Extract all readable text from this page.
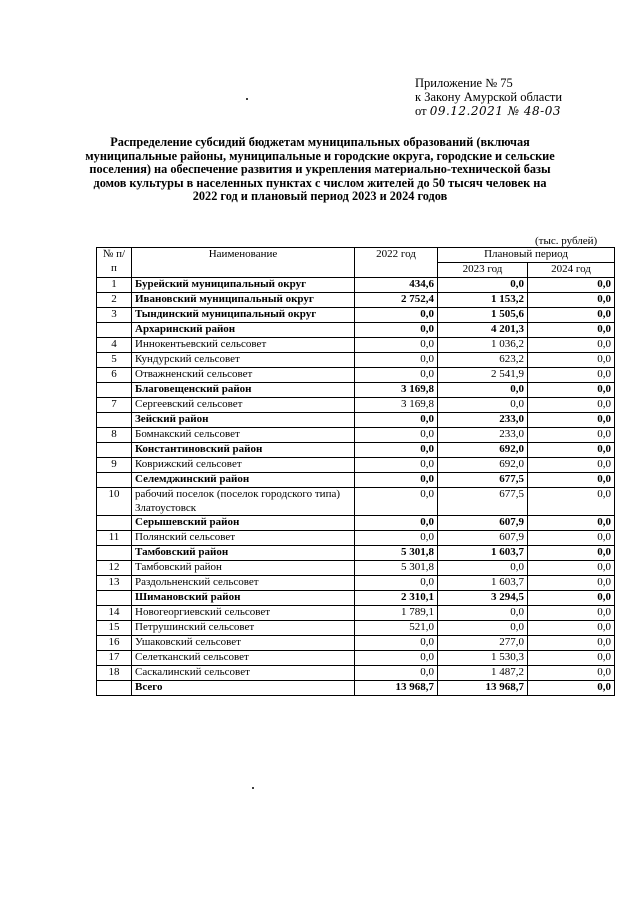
Приложение № 75
к Закону Амурской области
от 09.12.2021 № 48-03
Распределение субсидий бюджетам муниципальных образований (включая муниципальные районы, муниципальные и городские округа, городские и сельские поселения) на обеспечение развития и укрепления материально-технической базы домов культуры в населенных пунктах с числом жителей до 50 тысяч человек на 2022 год и плановый период 2023 и 2024 годов
(тыс. рублей)
№ п/п	Наименование	2022 год	Плановый период	
			2023 год	2024 год
1	Бурейский муниципальный округ	434,6	0,0	0,0
2	Ивановский муниципальный округ	2 752,4	1 153,2	0,0
3	Тындинский муниципальный округ	0,0	1 505,6	0,0
	Архаринский район	0,0	4 201,3	0,0
4	Иннокентьевский сельсовет	0,0	1 036,2	0,0
5	Кундурский сельсовет	0,0	623,2	0,0
6	Отважненский сельсовет	0,0	2 541,9	0,0
	Благовещенский район	3 169,8	0,0	0,0
7	Сергеевский сельсовет	3 169,8	0,0	0,0
	Зейский район	0,0	233,0	0,0
8	Бомнакский сельсовет	0,0	233,0	0,0
	Константиновский район	0,0	692,0	0,0
9	Коврижский сельсовет	0,0	692,0	0,0
	Селемджинский район	0,0	677,5	0,0
10	рабочий поселок (поселок городского типа) Златоустовск	0,0	677,5	0,0
	Серышевский район	0,0	607,9	0,0
11	Полянский сельсовет	0,0	607,9	0,0
	Тамбовский район	5 301,8	1 603,7	0,0
12	Тамбовский район	5 301,8	0,0	0,0
13	Раздольненский сельсовет	0,0	1 603,7	0,0
	Шимановский район	2 310,1	3 294,5	0,0
14	Новогеоргиевский сельсовет	1 789,1	0,0	0,0
15	Петрушинский сельсовет	521,0	0,0	0,0
16	Ушаковский сельсовет	0,0	277,0	0,0
17	Селетканский сельсовет	0,0	1 530,3	0,0
18	Саскалинский сельсовет	0,0	1 487,2	0,0
	Всего	13 968,7	13 968,7	0,0
